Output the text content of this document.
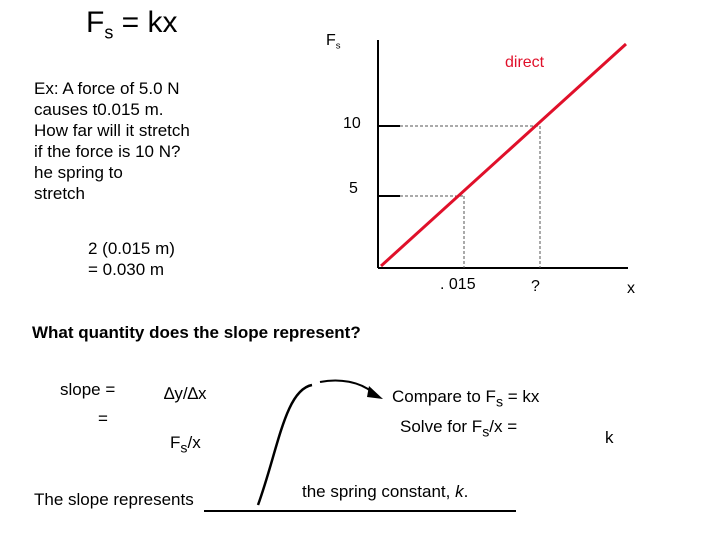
$F_s$ = kx
Ex: A force of 5.0 N
causes t0.015 m.
How far will it stretch
if the force is 10 N?
he spring to
stretch
2 (0.015 m)
= 0.030 m
$F_s$
direct
10
5
. 015	?	x
What quantity does the slope represent?
slope =
=
∆y/∆x
$F_s/x$
Compare to $F_s$ = kx
Solve for $F_s/x$ =
k
The slope represents	the spring constant, k.
